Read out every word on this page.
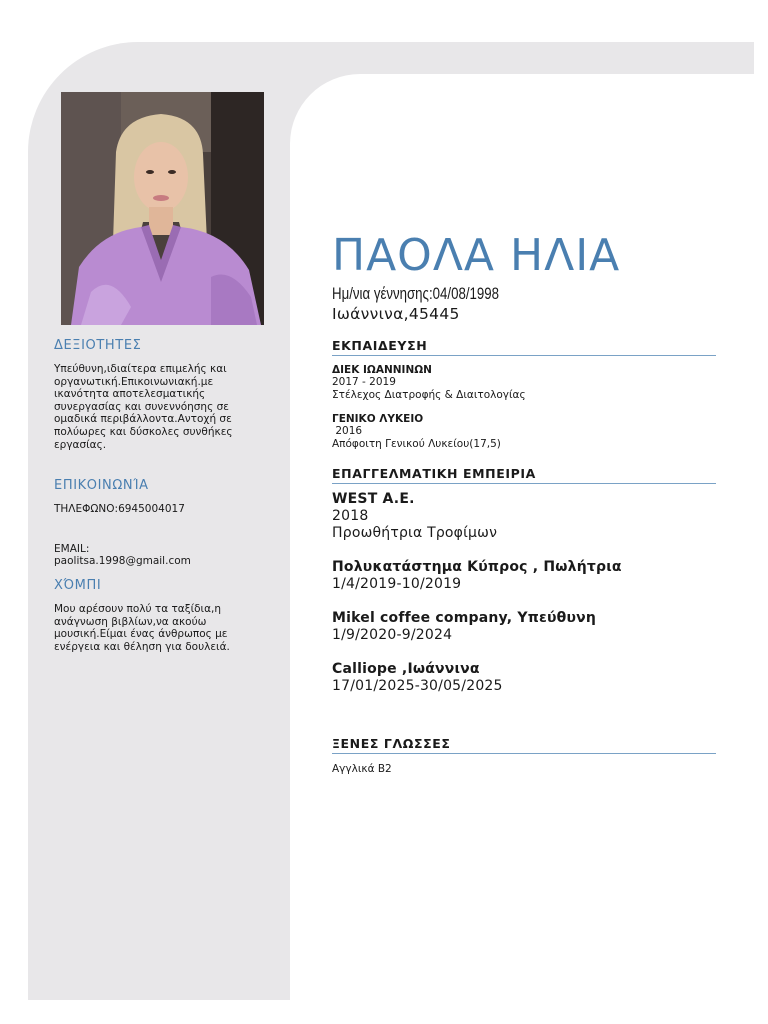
ΔΕΞΙΟΤΗΤΕΣ

Υπεύθυνη,ιδιαίτερα επιμελής και οργανωτική.Επικοινωνιακή.με ικανότητα αποτελεσματικής συνεργασίας και συνεννόησης σε ομαδικά περιβάλλοντα.Αντοχή σε πολύωρες και δύσκολες συνθήκες εργασίας.

ΕΠΙΚΟΙΝΩΝΊΑ

ΤΗΛΕΦΩΝΟ:6945004017

EMAIL:

paolitsa.1998@gmail.com

ΧΌΜΠΙ

Μου αρέσουν πολύ τα ταξίδια,η ανάγνωση βιβλίων,να ακούω μουσική.Είμαι ένας άνθρωπος με ενέργεια και θέληση για δουλειά.

ΠΑΟΛΑ ΗΛΙΑ

Ημ/νια γέννησης:04/08/1998

Ιωάννινα,45445

ΕΚΠΑΙΔΕΥΣΗ

ΔΙΕΚ ΙΩΑΝΝΙΝΩΝ

2017 - 2019

Στέλεχος Διατροφής & Διαιτολογίας

ΓΕΝΙΚΟ ΛΥΚΕΙΟ

2016

Απόφοιτη Γενικού Λυκείου(17,5)

ΕΠΑΓΓΕΛΜΑΤΙΚΗ ΕΜΠΕΙΡΙΑ

WEST A.E.

2018

Προωθήτρια Τροφίμων

Πολυκατάστημα Κύπρος , Πωλήτρια

1/4/2019-10/2019

Mikel coffee company, Υπεύθυνη

1/9/2020-9/2024

Calliope ,Ιωάννινα

17/01/2025-30/05/2025

ΞΕΝΕΣ ΓΛΩΣΣΕΣ

Αγγλικά Β2
